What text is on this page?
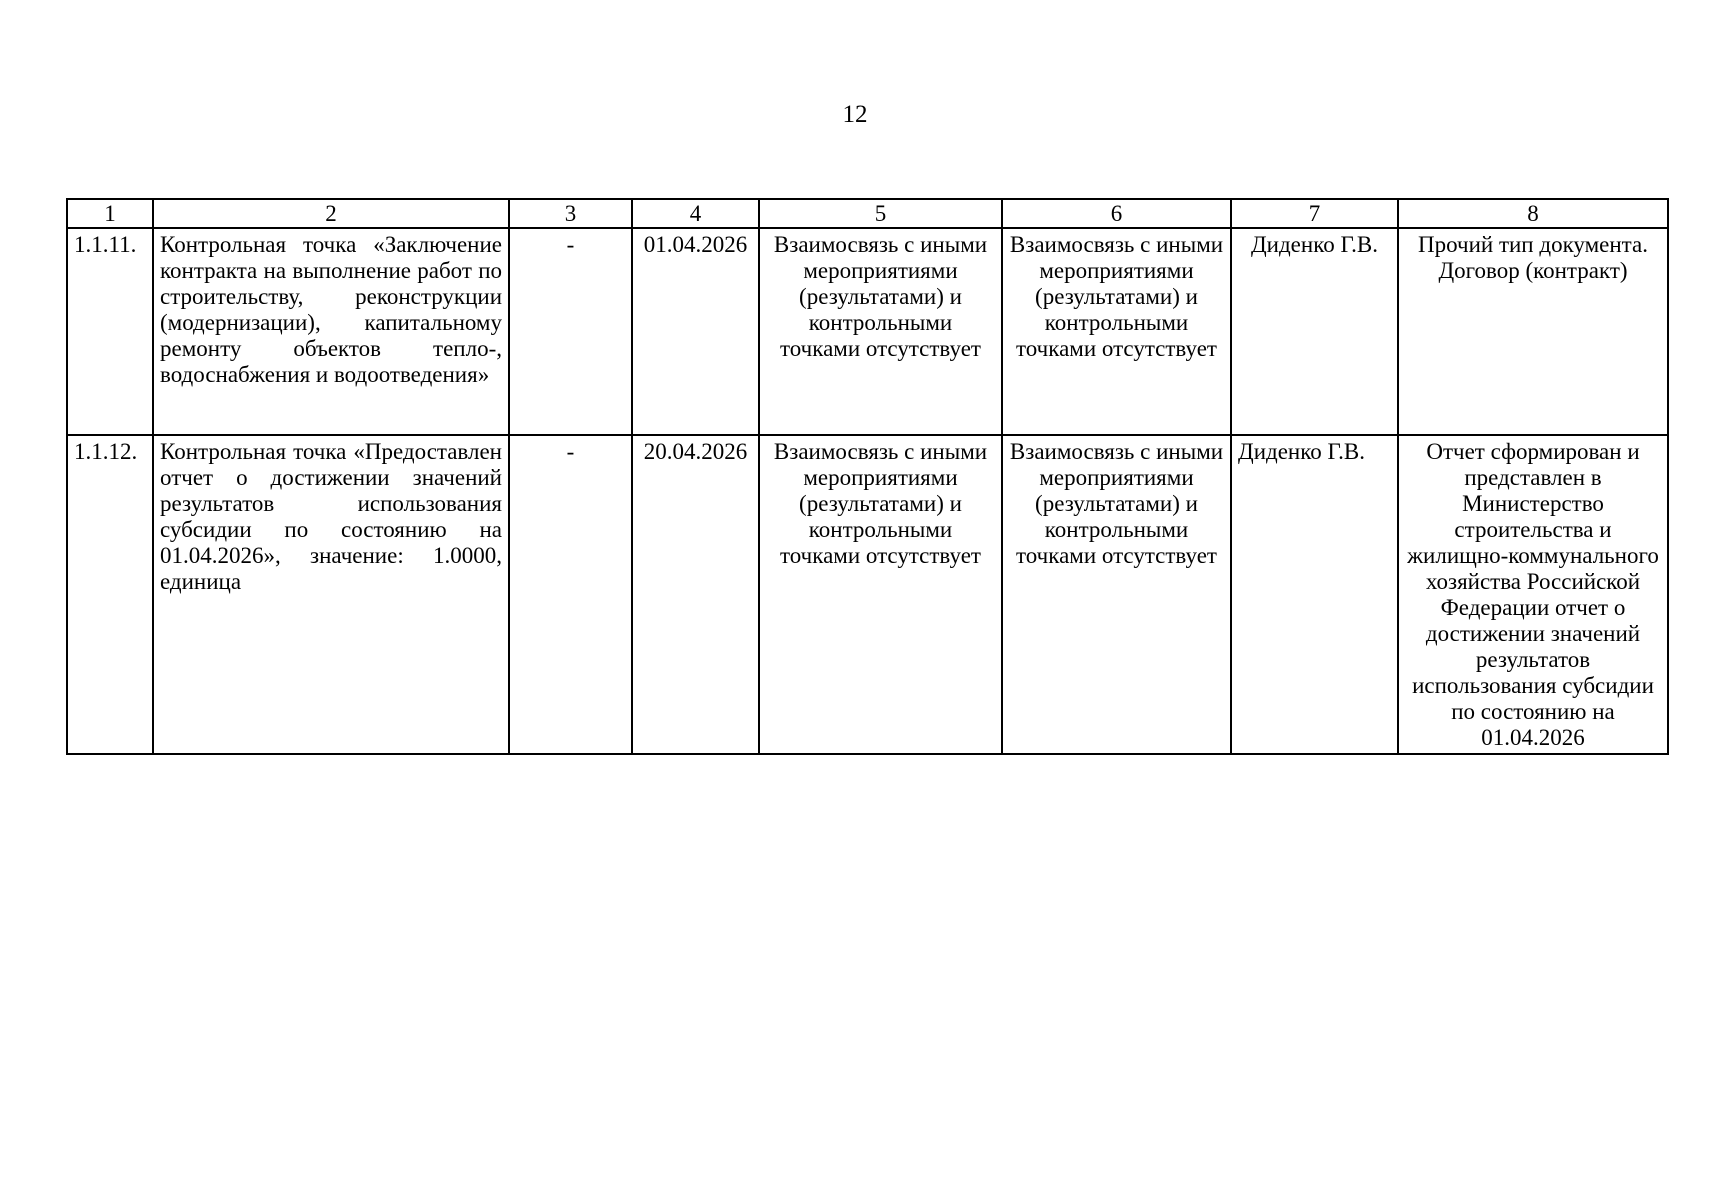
12
1	2	3	4	5	6	7	8
1.1.11.	Контрольная точка «Заключение контракта на выполнение работ по строительству, реконструкции (модернизации), капитальному ремонту объектов тепло-, водоснабжения и водоотведения»	-	01.04.2026	Взаимосвязь с иными мероприятиями (результатами) и контрольными точками отсутствует	Взаимосвязь с иными мероприятиями (результатами) и контрольными точками отсутствует	Диденко Г.В.	Прочий тип документа. Договор (контракт)
1.1.12.	Контрольная точка «Предоставлен отчет о достижении значений результатов использования субсидии по состоянию на 01.04.2026», значение: 1.0000, единица	-	20.04.2026	Взаимосвязь с иными мероприятиями (результатами) и контрольными точками отсутствует	Взаимосвязь с иными мероприятиями (результатами) и контрольными точками отсутствует	Диденко Г.В.	Отчет сформирован и представлен в Министерство строительства и жилищно-коммунального хозяйства Российской Федерации отчет о достижении значений результатов использования субсидии по состоянию на 01.04.2026
